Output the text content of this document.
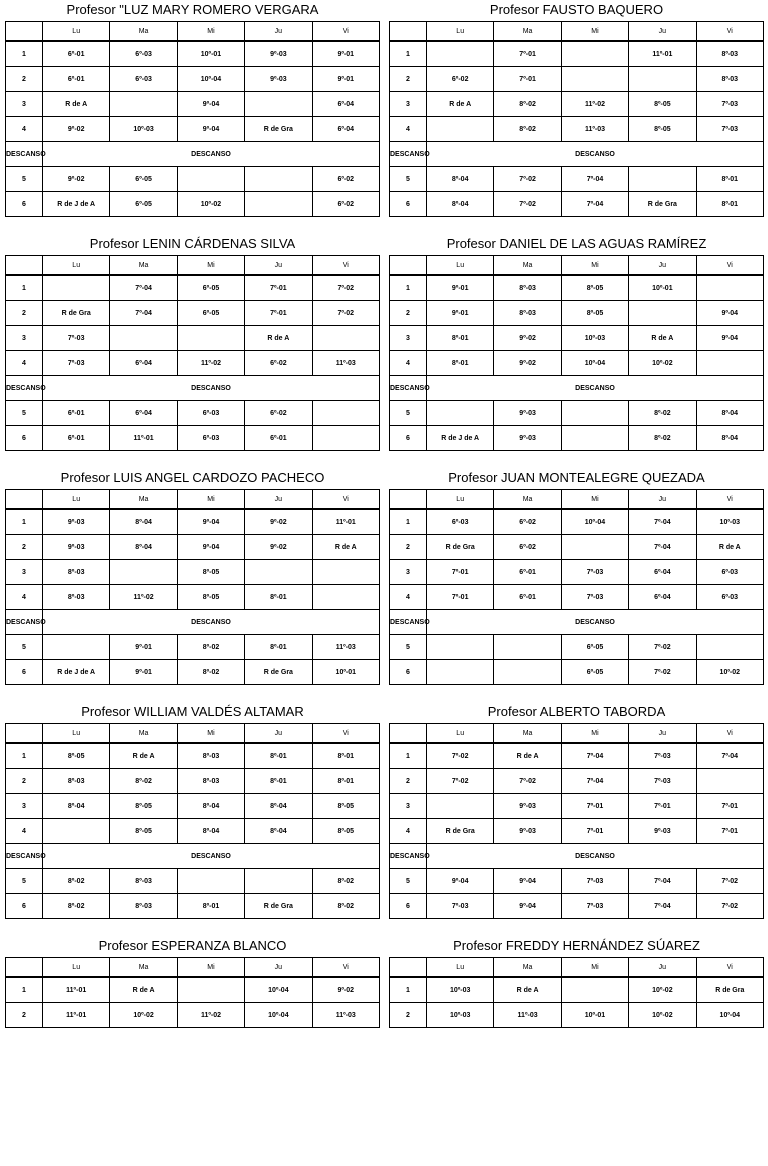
Profesor "LUZ MARY ROMERO VERGARA
	Lu	Ma	Mi	Ju	Vi
1	6º-01	6º-03	10º-01	9º-03	9º-01
2	6º-01	6º-03	10º-04	9º-03	9º-01
3	R de A		9º-04		6º-04
4	9º-02	10º-03	9º-04	R de Gra	6º-04
DESCANSO	DESCANSO				
5	9º-02	6º-05			6º-02
6	R de J de A	6º-05	10º-02		6º-02
Profesor FAUSTO BAQUERO
	Lu	Ma	Mi	Ju	Vi
1		7º-01		11º-01	8º-03
2	6º-02	7º-01			8º-03
3	R de A	8º-02	11º-02	8º-05	7º-03
4		8º-02	11º-03	8º-05	7º-03
DESCANSO	DESCANSO				
5	8º-04	7º-02	7º-04		8º-01
6	8º-04	7º-02	7º-04	R de Gra	8º-01
Profesor LENIN CÁRDENAS SILVA
	Lu	Ma	Mi	Ju	Vi
1		7º-04	6º-05	7º-01	7º-02
2	R de Gra	7º-04	6º-05	7º-01	7º-02
3	7º-03			R de A	
4	7º-03	6º-04	11º-02	6º-02	11º-03
DESCANSO	DESCANSO				
5	6º-01	6º-04	6º-03	6º-02	
6	6º-01	11º-01	6º-03	6º-01	
Profesor DANIEL DE LAS AGUAS RAMÍREZ
	Lu	Ma	Mi	Ju	Vi
1	9º-01	8º-03	8º-05	10º-01	
2	9º-01	8º-03	8º-05		9º-04
3	8º-01	9º-02	10º-03	R de A	9º-04
4	8º-01	9º-02	10º-04	10º-02	
DESCANSO	DESCANSO				
5		9º-03		8º-02	8º-04
6	R de J de A	9º-03		8º-02	8º-04
Profesor LUIS ANGEL CARDOZO PACHECO
	Lu	Ma	Mi	Ju	Vi
1	9º-03	8º-04	9º-04	9º-02	11º-01
2	9º-03	8º-04	9º-04	9º-02	R de A
3	8º-03		8º-05		
4	8º-03	11º-02	8º-05	8º-01	
DESCANSO	DESCANSO				
5		9º-01	8º-02	8º-01	11º-03
6	R de J de A	9º-01	8º-02	R de Gra	10º-01
Profesor JUAN MONTEALEGRE QUEZADA
	Lu	Ma	Mi	Ju	Vi
1	6º-03	6º-02	10º-04	7º-04	10º-03
2	R de Gra	6º-02		7º-04	R de A
3	7º-01	6º-01	7º-03	6º-04	6º-03
4	7º-01	6º-01	7º-03	6º-04	6º-03
DESCANSO	DESCANSO				
5			6º-05	7º-02	
6			6º-05	7º-02	10º-02
Profesor WILLIAM VALDÉS ALTAMAR
	Lu	Ma	Mi	Ju	Vi
1	8º-05	R de A	8º-03	8º-01	8º-01
2	8º-03	8º-02	8º-03	8º-01	8º-01
3	8º-04	8º-05	8º-04	8º-04	8º-05
4		8º-05	8º-04	8º-04	8º-05
DESCANSO	DESCANSO				
5	8º-02	8º-03			8º-02
6	8º-02	8º-03	8º-01	R de Gra	8º-02
Profesor ALBERTO TABORDA
	Lu	Ma	Mi	Ju	Vi
1	7º-02	R de A	7º-04	7º-03	7º-04
2	7º-02	7º-02	7º-04	7º-03	
3		9º-03	7º-01	7º-01	7º-01
4	R de Gra	9º-03	7º-01	9º-03	7º-01
DESCANSO	DESCANSO				
5	9º-04	9º-04	7º-03	7º-04	7º-02
6	7º-03	9º-04	7º-03	7º-04	7º-02
Profesor ESPERANZA BLANCO
	Lu	Ma	Mi	Ju	Vi
1	11º-01	R de A		10º-04	9º-02
2	11º-01	10º-02	11º-02	10º-04	11º-03
Profesor FREDDY HERNÁNDEZ SÚAREZ
	Lu	Ma	Mi	Ju	Vi
1	10º-03	R de A		10º-02	R de Gra
2	10º-03	11º-03	10º-01	10º-02	10º-04
